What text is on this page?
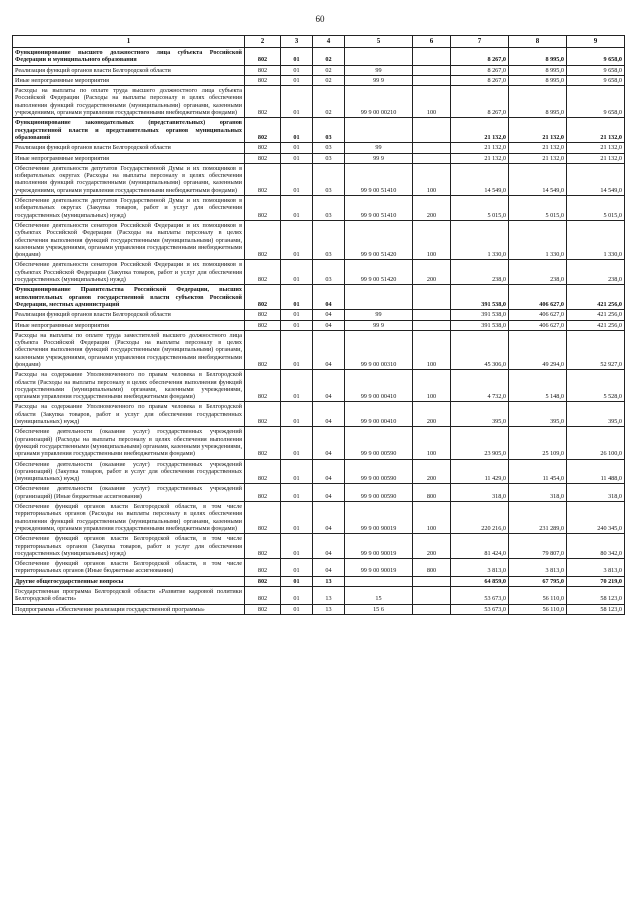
60
1	2	3	4	5	6	7	8	9
Функционирование высшего должностного лица субъекта Российской Федерации и муниципального образования	802	01	02			8 267,0	8 995,0	9 658,0
Реализация функций органов власти Белгородской области	802	01	02	99		8 267,0	8 995,0	9 658,0
Иные непрограммные мероприятия	802	01	02	99 9		8 267,0	8 995,0	9 658,0
Расходы на выплаты по оплате труда высшего должностного лица субъекта Российской Федерации (Расходы на выплаты персоналу в целях обеспечения выполнения функций государственными (муниципальными) органами, казенными учреждениями, органами управления государственными внебюджетными фондами)	802	01	02	99 9 00 00210	100	8 267,0	8 995,0	9 658,0
Функционирование законодательных (представительных) органов государственной власти и представительных органов муниципальных образований	802	01	03			21 132,0	21 132,0	21 132,0
Реализация функций органов власти Белгородской области	802	01	03	99		21 132,0	21 132,0	21 132,0
Иные непрограммные мероприятия	802	01	03	99 9		21 132,0	21 132,0	21 132,0
Обеспечение деятельности депутатов Государственной Думы и их помощников в избирательных округах (Расходы на выплаты персоналу в целях обеспечения выполнения функций государственными (муниципальными) органами, казенными учреждениями, органами управления государственными внебюджетными фондами)	802	01	03	99 9 00 51410	100	14 549,0	14 549,0	14 549,0
Обеспечение деятельности депутатов Государственной Думы и их помощников в избирательных округах (Закупка товаров, работ и услуг для обеспечения государственных (муниципальных) нужд)	802	01	03	99 9 00 51410	200	5 015,0	5 015,0	5 015,0
Обеспечение деятельности сенаторов Российской Федерации и их помощников в субъектах Российской Федерации (Расходы на выплаты персоналу в целях обеспечения выполнения функций государственными (муниципальными) органами, казенными учреждениями, органами управления государственными внебюджетными фондами)	802	01	03	99 9 00 51420	100	1 330,0	1 330,0	1 330,0
Обеспечение деятельности сенаторов Российской Федерации и их помощников в субъектах Российской Федерации (Закупка товаров, работ и услуг для обеспечения государственных (муниципальных) нужд)	802	01	03	99 9 00 51420	200	238,0	238,0	238,0
Функционирование Правительства Российской Федерации, высших исполнительных органов государственной власти субъектов Российской Федерации, местных администраций	802	01	04			391 538,0	406 627,0	421 256,0
Реализация функций органов власти Белгородской области	802	01	04	99		391 538,0	406 627,0	421 256,0
Иные непрограммные мероприятия	802	01	04	99 9		391 538,0	406 627,0	421 256,0
Расходы на выплаты по оплате труда заместителей высшего должностного лица субъекта Российской Федерации (Расходы на выплаты персоналу в целях обеспечения выполнения функций государственными (муниципальными) органами, казенными учреждениями, органами управления государственными внебюджетными фондами)	802	01	04	99 9 00 00310	100	45 306,0	49 294,0	52 927,0
Расходы на содержание Уполномоченного по правам человека в Белгородской области (Расходы на выплаты персоналу в целях обеспечения выполнения функций государственными (муниципальными) органами, казенными учреждениями, органами управления государственными внебюджетными фондами)	802	01	04	99 9 00 00410	100	4 732,0	5 148,0	5 528,0
Расходы на содержание Уполномоченного по правам человека в Белгородской области (Закупка товаров, работ и услуг для обеспечения государственных (муниципальных) нужд)	802	01	04	99 9 00 00410	200	395,0	395,0	395,0
Обеспечение деятельности (оказание услуг) государственных учреждений (организаций) (Расходы на выплаты персоналу в целях обеспечения выполнения функций государственными (муниципальными) органами, казенными учреждениями, органами управления государственными внебюджетными фондами)	802	01	04	99 9 00 00590	100	23 905,0	25 109,0	26 100,0
Обеспечение деятельности (оказание услуг) государственных учреждений (организаций) (Закупка товаров, работ и услуг для обеспечения государственных (муниципальных) нужд)	802	01	04	99 9 00 00590	200	11 429,0	11 454,0	11 488,0
Обеспечение деятельности (оказание услуг) государственных учреждений (организаций) (Иные бюджетные ассигнования)	802	01	04	99 9 00 00590	800	318,0	318,0	318,0
Обеспечение функций органов власти Белгородской области, в том числе территориальных органов (Расходы на выплаты персоналу в целях обеспечения выполнения функций государственными (муниципальными) органами, казенными учреждениями, органами управления государственными внебюджетными фондами)	802	01	04	99 9 00 90019	100	220 216,0	231 289,0	240 345,0
Обеспечение функций органов власти Белгородской области, в том числе территориальных органов (Закупка товаров, работ и услуг для обеспечения государственных (муниципальных) нужд)	802	01	04	99 9 00 90019	200	81 424,0	79 807,0	80 342,0
Обеспечение функций органов власти Белгородской области, в том числе территориальных органов (Иные бюджетные ассигнования)	802	01	04	99 9 00 90019	800	3 813,0	3 813,0	3 813,0
Другие общегосударственные вопросы	802	01	13			64 859,0	67 795,0	70 219,0
Государственная программа Белгородской области «Развитие кадровой политики Белгородской области»	802	01	13	15		53 673,0	56 110,0	58 123,0
Подпрограмма «Обеспечение реализации государственной программы»	802	01	13	15 6		53 673,0	56 110,0	58 123,0
